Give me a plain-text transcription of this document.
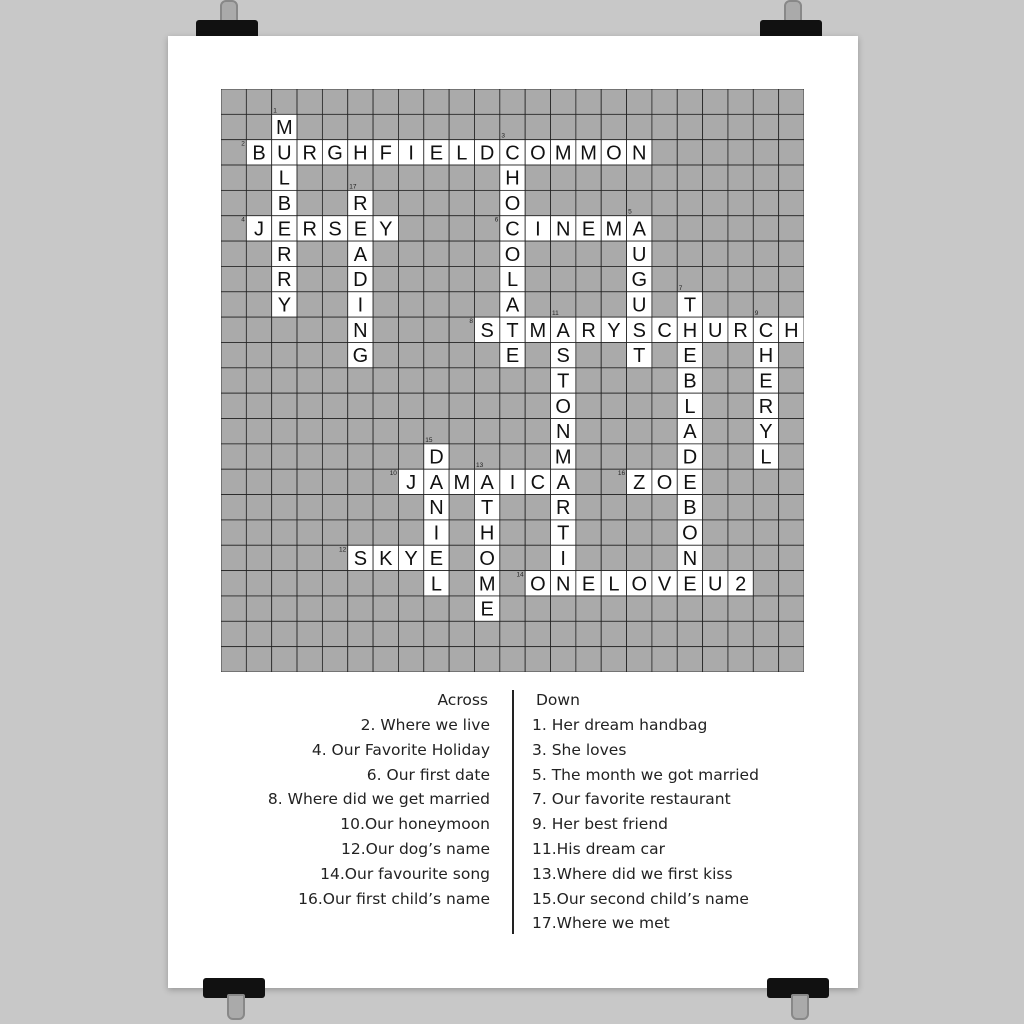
B U R G H F I E L D C O M M O N
J E R S E Y	C I N E M A
S T M A R Y S C H U R C H
J A M A I C A	Z O E
S K Y E
O N E L O V E U 2
M
L
B
R
R
Y
H
O
O
L
A
E
R
A
D
I
N
G
U
G
U
T
T
E
B
L
A
D
B
O
N
H
E
R
Y
L
S
T
O
N
M
R
T
I
D
N
I
L
T
H
O
M
E
2
4	6
8
10	16
12
14
1
3
17
5
7
9
11
15
13
Across
2. Where we live
4. Our Favorite Holiday
6. Our first date
8. Where did we get married
10.Our honeymoon
12.Our dog’s name
14.Our favourite song
16.Our first child’s name
Down
1. Her dream handbag
3. She loves
5. The month we got married
7. Our favorite restaurant
9. Her best friend
11.His dream car
13.Where did we first kiss
15.Our second child’s name
17.Where we met
